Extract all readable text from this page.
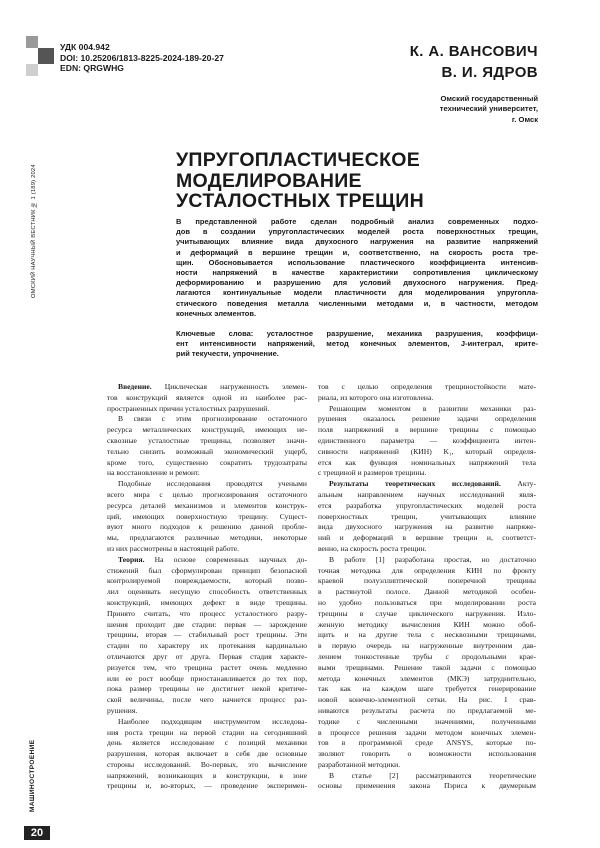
ОМСКИЙ НАУЧНЫЙ ВЕСТНИК № 1 (189) 2024
МАШИНОСТРОЕНИЕ
20
УДК 004.942
DOI: 10.25206/1813-8225-2024-189-20-27
EDN: QRGWHG
К. А. ВАНСОВИЧ
В. И. ЯДРОВ
Омский государственный
технический университет,
г. Омск
УПРУГОПЛАСТИЧЕСКОЕ
МОДЕЛИРОВАНИЕ
УСТАЛОСТНЫХ ТРЕЩИН
В представленной работе сделан подробный анализ современных подхо-
дов в создании упругопластических моделей роста поверхностных трещин,
учитывающих влияние вида двухосного нагружения на развитие напряжений
и деформаций в вершине трещин и, соответственно, на скорость роста тре-
щин. Обосновывается использование пластического коэффициента интенсив-
ности напряжений в качестве характеристики сопротивления циклическому
деформированию и разрушению для условий двухосного нагружения. Пред-
лагаются континуальные модели пластичности для моделирования упругопла-
стического поведения металла численными методами и, в частности, методом
конечных элементов.
Ключевые слова: усталостное разрушение, механика разрушения, коэффици-
ент интенсивности напряжений, метод конечных элементов, J-интеграл, крите-
рий текучести, упрочнение.
Введение. Циклическая нагруженность элемен-
тов конструкций является одной из наиболее рас-
пространенных причин усталостных разрушений.
В связи с этим прогнозирование остаточного
ресурса металлических конструкций, имеющих не-
сквозные усталостные трещины, позволяет значи-
тельно снизить возможный экономический ущерб,
кроме того, существенно сократить трудозатраты
на восстановление и ремонт.
Подобные исследования проводятся учеными
всего мира с целью прогнозирования остаточного
ресурса деталей механизмов и элементов конструк-
ций, имеющих поверхностную трещину. Сущест-
вуют много подходов к решению данной пробле-
мы, предлагаются различные методики, некоторые
из них рассмотрены в настоящей работе.
Теория. На основе современных научных до-
стижений был сформулирован принцип безопасной
контролируемой повреждаемости, который позво-
лил оценивать несущую способность ответственных
конструкций, имеющих дефект в виде трещины.
Принято считать, что процесс усталостного разру-
шения проходит две стадии: первая — зарождение
трещины, вторая — стабильный рост трещины. Эти
стадии по характеру их протекания кардинально
отличаются друг от друга. Первая стадия характе-
ризуется тем, что трещина растет очень медленно
или ее рост вообще приостанавливается до тех пор,
пока размер трещины не достигнет некой критиче-
ской величины, после чего начнется процесс раз-
рушения.
Наиболее подходящим инструментом исследова-
ния роста трещин на первой стадии на сегодняшний
день является исследование с позиций механики
разрушения, которая включает в себя две основные
стороны исследований. Во-первых, это вычисление
напряжений, возникающих в конструкции, в зоне
трещины и, во-вторых, — проведение эксперимен-
тов с целью определения трещиностойкости мате-
риала, из которого она изготовлена.
Решающим моментом в развитии механики раз-
рушения оказалось решение задачи определения
поля напряжений в вершине трещины с помощью
единственного параметра — коэффициента интен-
сивности напряжений (КИН) K₁, который определя-
ется как функция номинальных напряжений тела
с трещиной и размеров трещины.
Результаты теоретических исследований. Акту-
альным направлением научных исследований явля-
ется разработка упругопластических моделей роста
поверхностных трещин, учитывающих влияние
вида двухосного нагружения на развитие напряже-
ний и деформаций в вершине трещин и, соответст-
венно, на скорость роста трещин.
В работе [1] разработана простая, но достаточно
точная методика для определения КИН по фронту
краевой полуэллиптической поперечной трещины
в растянутой полосе. Данной методикой особен-
но удобно пользоваться при моделировании роста
трещины в случае циклического нагружения. Изло-
женную методику вычисления КИН можно обоб-
щить и на другие тела с несквозными трещинами,
в первую очередь на нагруженные внутренним дав-
лением тонкостенные трубы с продольными крае-
выми трещинами. Решение такой задачи с помощью
метода конечных элементов (МКЭ) затруднительно,
так как на каждом шаге требуется генерирование
новой конечно-элементной сетки. На рис. 1 срав-
ниваются результаты расчета по предлагаемой ме-
тодике с численными значениями, полученными
в процессе решения задачи методом конечных элемен-
тов в программной среде ANSYS, которые по-
зволяют говорить о возможности использования
разработанной методики.
В статье [2] рассматриваются теоретические
основы применения закона Пэриса к двумерным
